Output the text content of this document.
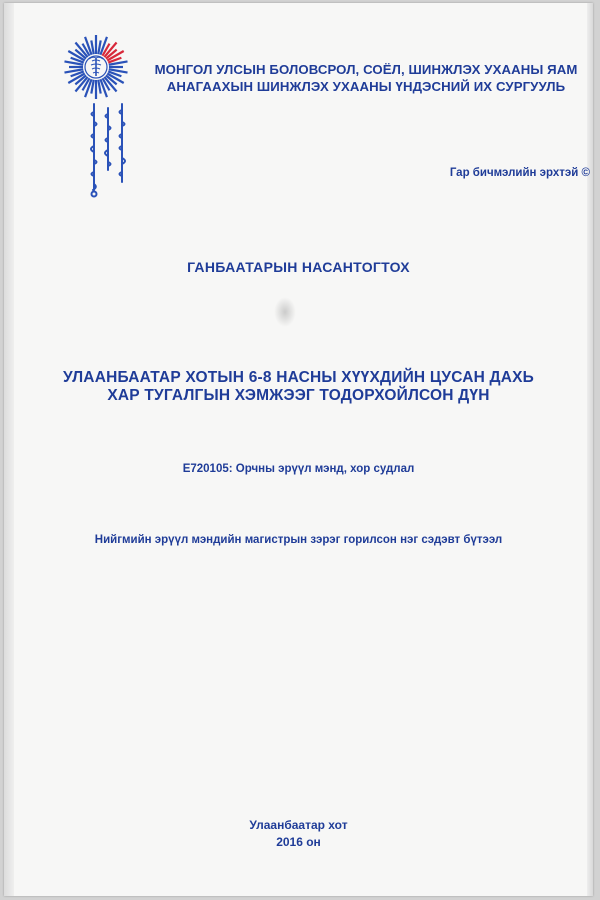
МОНГОЛ УЛСЫН БОЛОВСРОЛ, СОЁЛ, ШИНЖЛЭХ УХААНЫ ЯАМ
АНАГААХЫН ШИНЖЛЭХ УХААНЫ ҮНДЭСНИЙ ИХ СУРГУУЛЬ
Гар бичмэлийн эрхтэй ©
ГАНБААТАРЫН НАСАНТОГТОХ
УЛААНБААТАР ХОТЫН 6-8 НАСНЫ ХҮҮХДИЙН ЦУСАН ДАХЬ
ХАР ТУГАЛГЫН ХЭМЖЭЭГ ТОДОРХОЙЛСОН ДҮН
E720105: Орчны эрүүл мэнд, хор судлал
Нийгмийн эрүүл мэндийн магистрын зэрэг горилсон нэг сэдэвт бүтээл
Улаанбаатар хот
2016 он
